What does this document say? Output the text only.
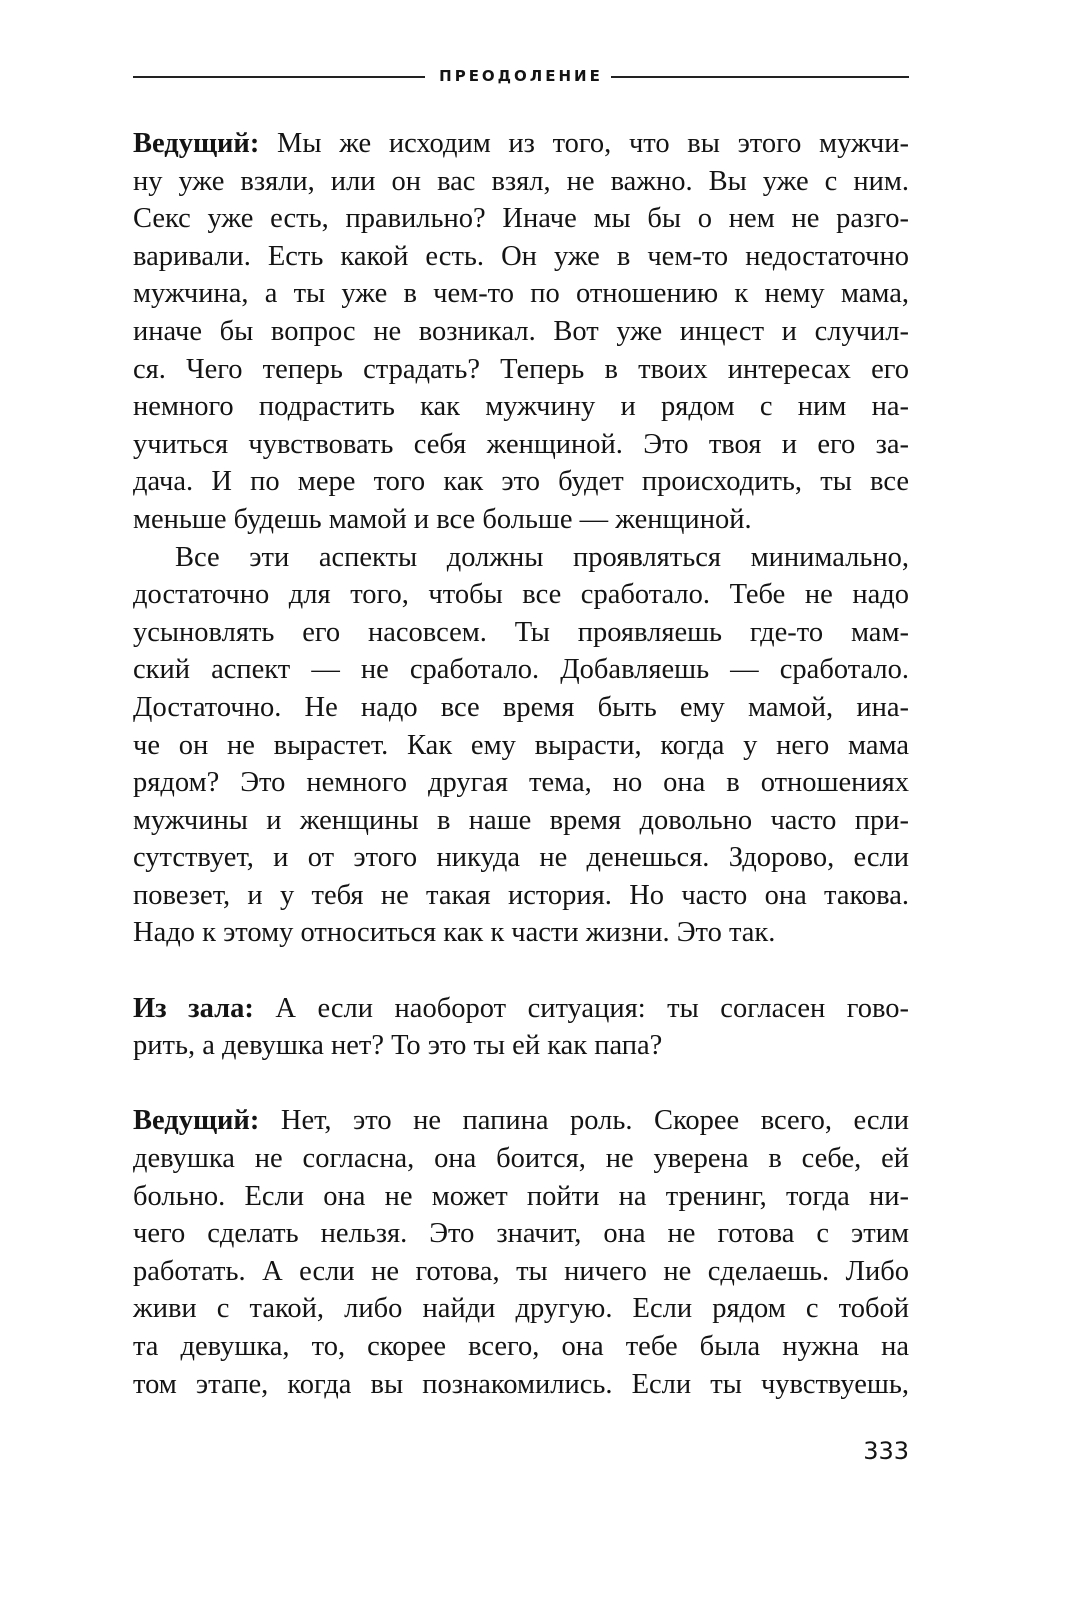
ПРЕОДОЛЕНИЕ
Ведущий: Мы же исходим из того, что вы этого мужчи-
ну уже взяли, или он вас взял, не важно. Вы уже с ним.
Секс уже есть, правильно? Иначе мы бы о нем не разго-
варивали. Есть какой есть. Он уже в чем-то недостаточно
мужчина, а ты уже в чем-то по отношению к нему мама,
иначе бы вопрос не возникал. Вот уже инцест и случил-
ся. Чего теперь страдать? Теперь в твоих интересах его
немного подрастить как мужчину и рядом с ним на-
учиться чувствовать себя женщиной. Это твоя и его за-
дача. И по мере того как это будет происходить, ты все
меньше будешь мамой и все больше — женщиной.
Все эти аспекты должны проявляться минимально,
достаточно для того, чтобы все сработало. Тебе не надо
усыновлять его насовсем. Ты проявляешь где-то мам-
ский аспект — не сработало. Добавляешь — сработало.
Достаточно. Не надо все время быть ему мамой, ина-
че он не вырастет. Как ему вырасти, когда у него мама
рядом? Это немного другая тема, но она в отношениях
мужчины и женщины в наше время довольно часто при-
сутствует, и от этого никуда не денешься. Здорово, если
повезет, и у тебя не такая история. Но часто она такова.
Надо к этому относиться как к части жизни. Это так.
Из зала: А если наоборот ситуация: ты согласен гово-
рить, а девушка нет? То это ты ей как папа?
Ведущий: Нет, это не папина роль. Скорее всего, если
девушка не согласна, она боится, не уверена в себе, ей
больно. Если она не может пойти на тренинг, тогда ни-
чего сделать нельзя. Это значит, она не готова с этим
работать. А если не готова, ты ничего не сделаешь. Либо
живи с такой, либо найди другую. Если рядом с тобой
та девушка, то, скорее всего, она тебе была нужна на
том этапе, когда вы познакомились. Если ты чувствуешь,
333
